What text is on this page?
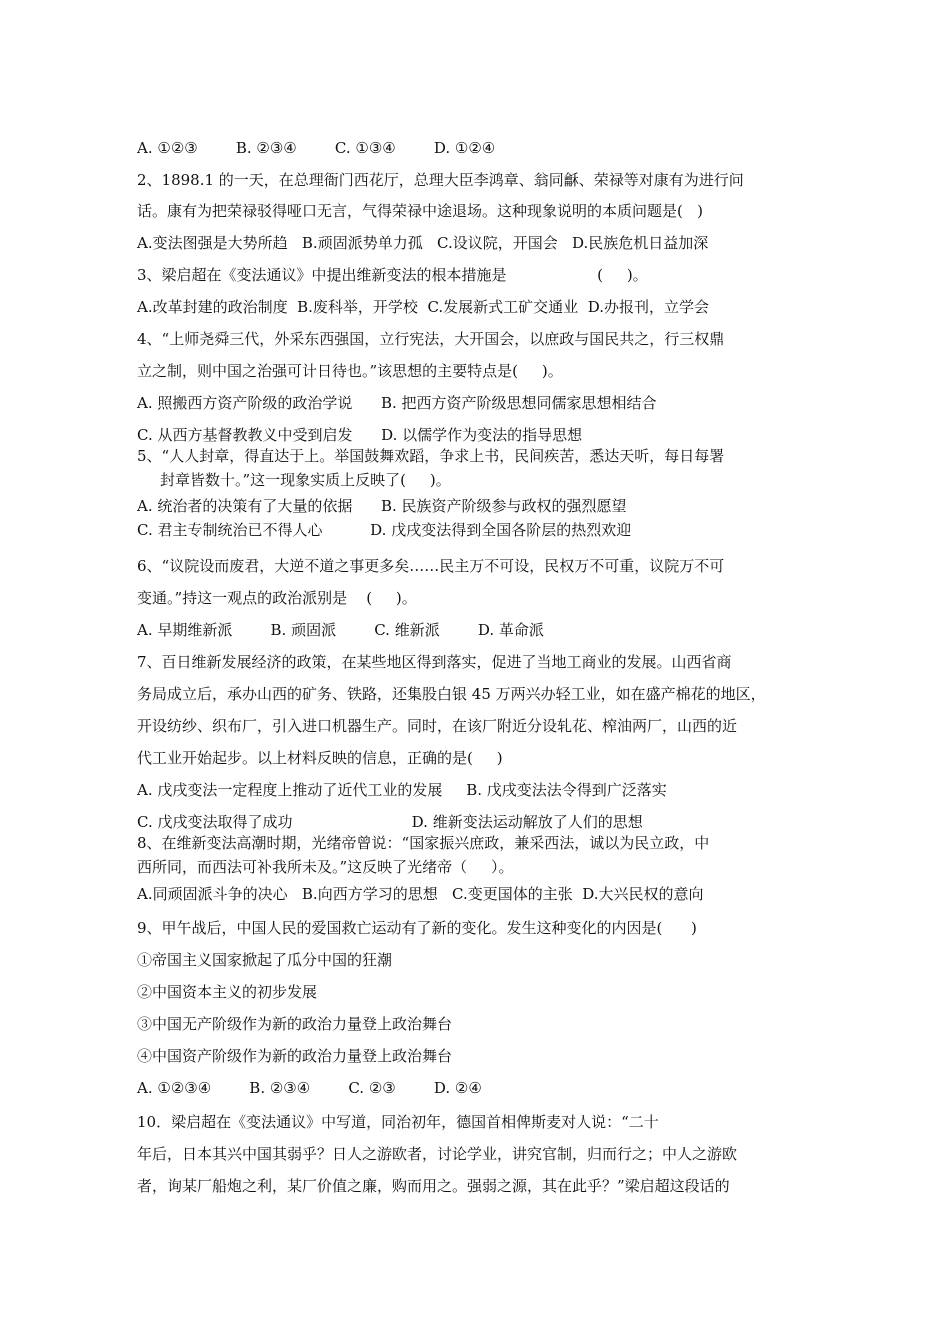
A. ①②③        B. ②③④        C. ①③④        D. ①②④

2、1898.1 的一天，在总理衙门西花厅，总理大臣李鸿章、翁同龢、荣禄等对康有为进行问

话。康有为把荣禄驳得哑口无言，气得荣禄中途退场。这种现象说明的本质问题是(   )

A.变法图强是大势所趋   B.顽固派势单力孤   C.设议院，开国会   D.民族危机日益加深

3、梁启超在《变法通议》中提出维新变法的根本措施是                   (     )。

A.改革封建的政治制度  B.废科举，开学校  C.发展新式工矿交通业  D.办报刊，立学会

4、“上师尧舜三代，外采东西强国，立行宪法，大开国会，以庶政与国民共之，行三权鼎

立之制，则中国之治强可计日待也。”该思想的主要特点是(     )。

A. 照搬西方资产阶级的政治学说      B. 把西方资产阶级思想同儒家思想相结合

C. 从西方基督教教义中受到启发      D. 以儒学作为变法的指导思想

5、“人人封章，得直达于上。举国鼓舞欢蹈，争求上书，民间疾苦，悉达天听，每日每署

封章皆数十。”这一现象实质上反映了(     )。

A. 统治者的决策有了大量的依据      B. 民族资产阶级参与政权的强烈愿望

C. 君主专制统治已不得人心          D. 戊戌变法得到全国各阶层的热烈欢迎

6、“议院设而废君，大逆不道之事更多矣……民主万不可设，民权万不可重，议院万不可

变通。”持这一观点的政治派别是    (     )。

A. 早期维新派        B. 顽固派        C. 维新派        D. 革命派

7、百日维新发展经济的政策，在某些地区得到落实，促进了当地工商业的发展。山西省商

务局成立后，承办山西的矿务、铁路，还集股白银 45 万两兴办轻工业，如在盛产棉花的地区，

开设纺纱、织布厂，引入进口机器生产。同时，在该厂附近分设轧花、榨油两厂，山西的近

代工业开始起步。以上材料反映的信息，正确的是(     )

A. 戊戌变法一定程度上推动了近代工业的发展     B. 戊戌变法法令得到广泛落实

C. 戊戌变法取得了成功                         D. 维新变法运动解放了人们的思想

8、在维新变法高潮时期，光绪帝曾说：“国家振兴庶政，兼采西法，诚以为民立政，中

西所同，而西法可补我所未及。”这反映了光绪帝（     ）。

A.同顽固派斗争的决心   B.向西方学习的思想   C.变更国体的主张  D.大兴民权的意向

9、甲午战后，中国人民的爱国救亡运动有了新的变化。发生这种变化的内因是(      )

①帝国主义国家掀起了瓜分中国的狂潮

②中国资本主义的初步发展

③中国无产阶级作为新的政治力量登上政治舞台

④中国资产阶级作为新的政治力量登上政治舞台

A. ①②③④        B. ②③④        C. ②③        D. ②④

10．梁启超在《变法通议》中写道，同治初年，德国首相俾斯麦对人说：“二十

年后，日本其兴中国其弱乎？日人之游欧者，讨论学业，讲究官制，归而行之；中人之游欧

者，询某厂船炮之利，某厂价值之廉，购而用之。强弱之源，其在此乎？”梁启超这段话的
